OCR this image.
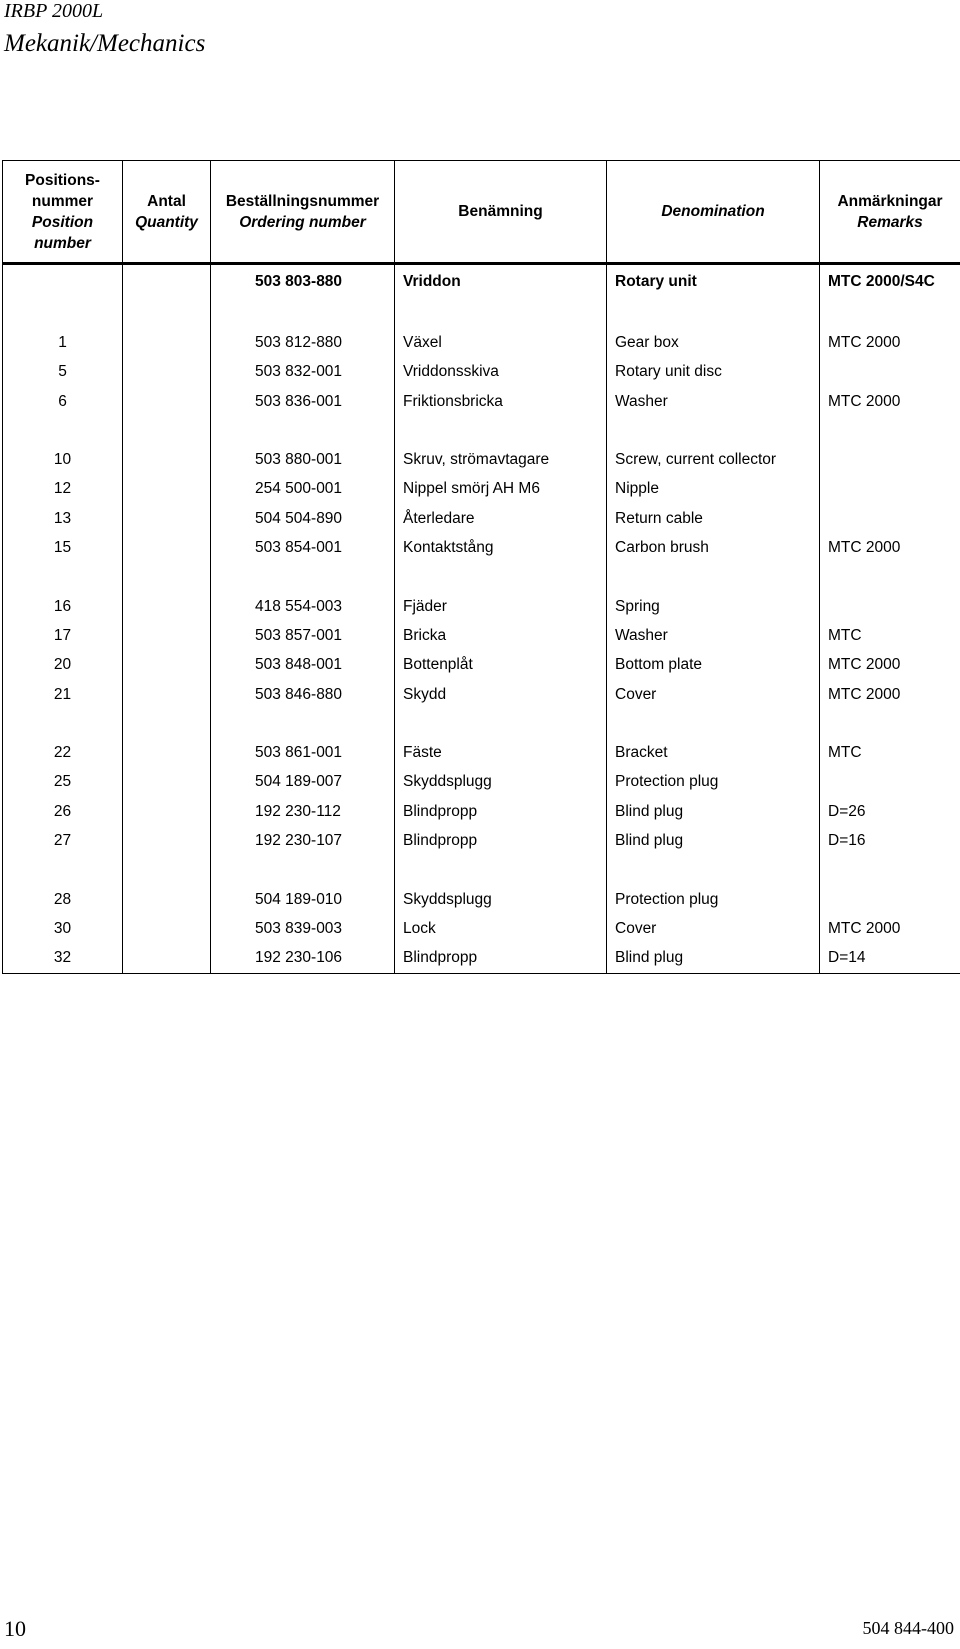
IRBP 2000L
Mekanik/Mechanics
Positions-
nummer
Position
number	Antal
Quantity	Beställningsnummer
Ordering number	Benämning	Denomination	Anmärkningar
Remarks

		503 803-880	Vriddon	Rotary unit	MTC 2000/S4C

1		503 812-880	Växel	Gear box	MTC 2000
5		503 832-001	Vriddonsskiva	Rotary unit disc	
6		503 836-001	Friktionsbricka	Washer	MTC 2000

10		503 880-001	Skruv, strömavtagare	Screw, current collector	
12		254 500-001	Nippel smörj AH M6	Nipple	
13		504 504-890	Återledare	Return cable	
15		503 854-001	Kontaktstång	Carbon brush	MTC 2000

16		418 554-003	Fjäder	Spring	
17		503 857-001	Bricka	Washer	MTC
20		503 848-001	Bottenplåt	Bottom plate	MTC 2000
21		503 846-880	Skydd	Cover	MTC 2000

22		503 861-001	Fäste	Bracket	MTC
25		504 189-007	Skyddsplugg	Protection plug	
26		192 230-112	Blindpropp	Blind plug	D=26
27		192 230-107	Blindpropp	Blind plug	D=16

28		504 189-010	Skyddsplugg	Protection plug	
30		503 839-003	Lock	Cover	MTC 2000
32		192 230-106	Blindpropp	Blind plug	D=14
10	504 844-400
